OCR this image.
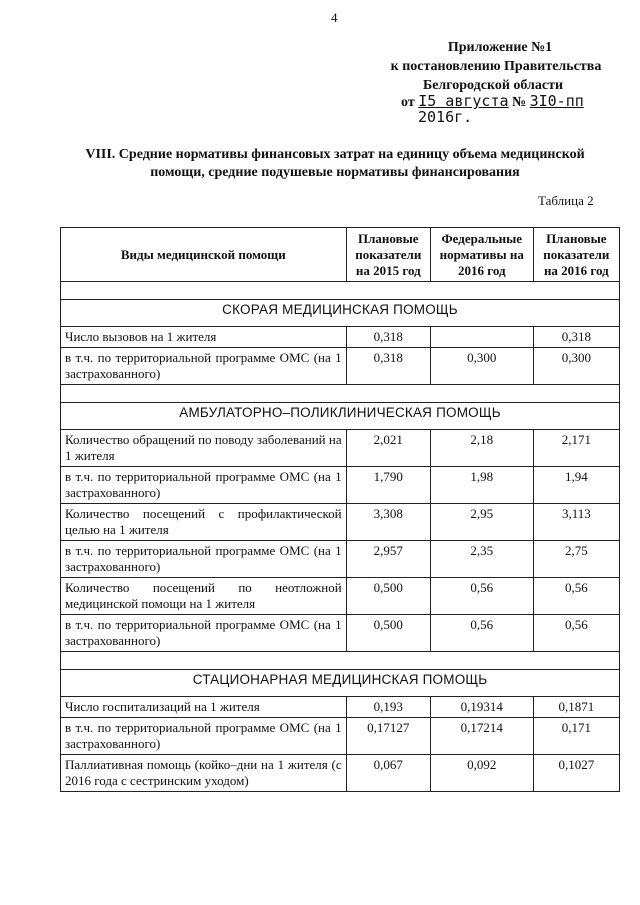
4
Приложение №1
к постановлению Правительства
Белгородской области
от I5 августа № 3I0-пп
2016г.
VIII. Средние нормативы финансовых затрат на единицу объема медицинской помощи, средние подушевые нормативы финансирования
Таблица 2
Виды медицинской помощи	Плановые показатели на 2015 год	Федеральные нормативы на 2016 год	Плановые показатели на 2016 год

СКОРАЯ МЕДИЦИНСКАЯ ПОМОЩЬ			
Число вызовов на 1 жителя	0,318		0,318
в т.ч. по территориальной программе ОМС (на 1 застрахованного)	0,318	0,300	0,300

АМБУЛАТОРНО–ПОЛИКЛИНИЧЕСКАЯ ПОМОЩЬ			
Количество обращений по поводу заболеваний на 1 жителя	2,021	2,18	2,171
в т.ч. по территориальной программе ОМС (на 1 застрахованного)	1,790	1,98	1,94
Количество посещений с профилактической целью на 1 жителя	3,308	2,95	3,113
в т.ч. по территориальной программе ОМС (на 1 застрахованного)	2,957	2,35	2,75
Количество посещений по неотложной медицинской помощи на 1 жителя	0,500	0,56	0,56
в т.ч. по территориальной программе ОМС (на 1 застрахованного)	0,500	0,56	0,56

СТАЦИОНАРНАЯ МЕДИЦИНСКАЯ ПОМОЩЬ			
Число госпитализаций на 1 жителя	0,193	0,19314	0,1871
в т.ч. по территориальной программе ОМС (на 1 застрахованного)	0,17127	0,17214	0,171
Паллиативная помощь (койко–дни на 1 жителя (с 2016 года с сестринским уходом)	0,067	0,092	0,1027
